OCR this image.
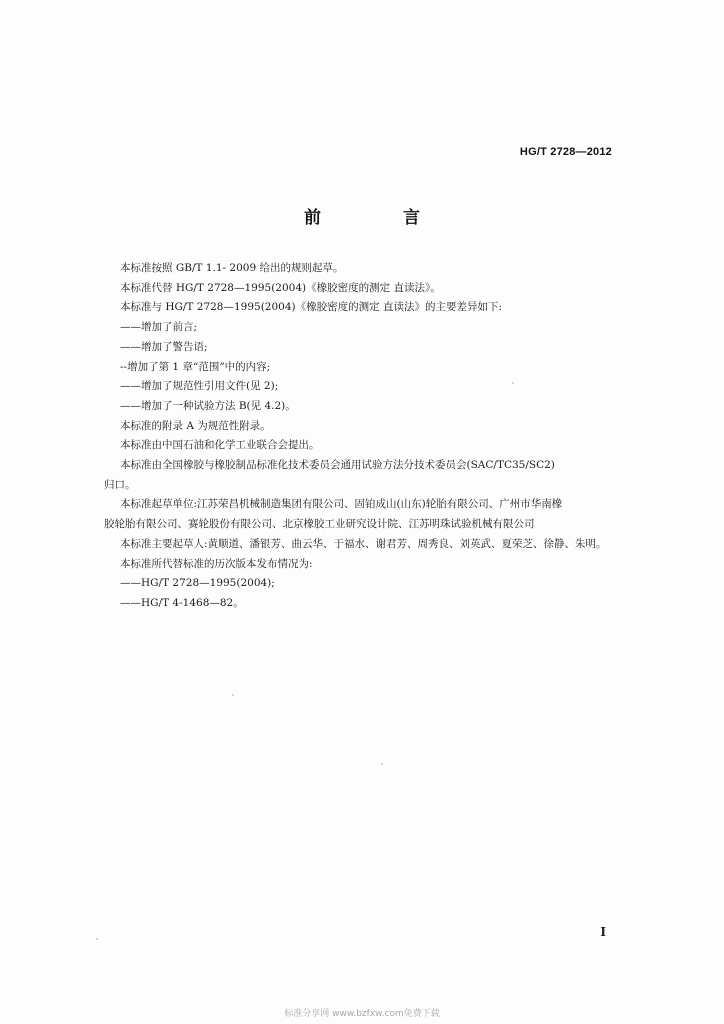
HG/T 2728—2012
前 言
本标准按照 GB/T 1.1- 2009 给出的规则起草。
本标准代替 HG/T 2728—1995(2004)《橡胶密度的测定 直读法》。
本标准与 HG/T 2728—1995(2004)《橡胶密度的测定 直读法》的主要差异如下:
——增加了前言;
——增加了警告语;
--增加了第 1 章“范围”中的内容;
——增加了规范性引用文件(见 2);
——增加了一种试验方法 B(见 4.2)。
本标准的附录 A 为规范性附录。
本标准由中国石油和化学工业联合会提出。
本标准由全国橡胶与橡胶制品标准化技术委员会通用试验方法分技术委员会(SAC/TC35/SC2)
归口。
本标准起草单位:江苏荣昌机械制造集团有限公司、固铂成山(山东)轮胎有限公司、广州市华南橡
胶轮胎有限公司、赛轮股份有限公司、北京橡胶工业研究设计院、江苏明珠试验机械有限公司
本标准主要起草人:黄顺道、潘银芳、曲云华、于福水、谢君芳、周秀良、刘英武、夏荣芝、徐静、朱明。
本标准所代替标准的历次版本发布情况为:
——HG/T 2728—1995(2004);
——HG/T 4-1468—82。
I
标准分享网 www.bzfxw.com免费下载
